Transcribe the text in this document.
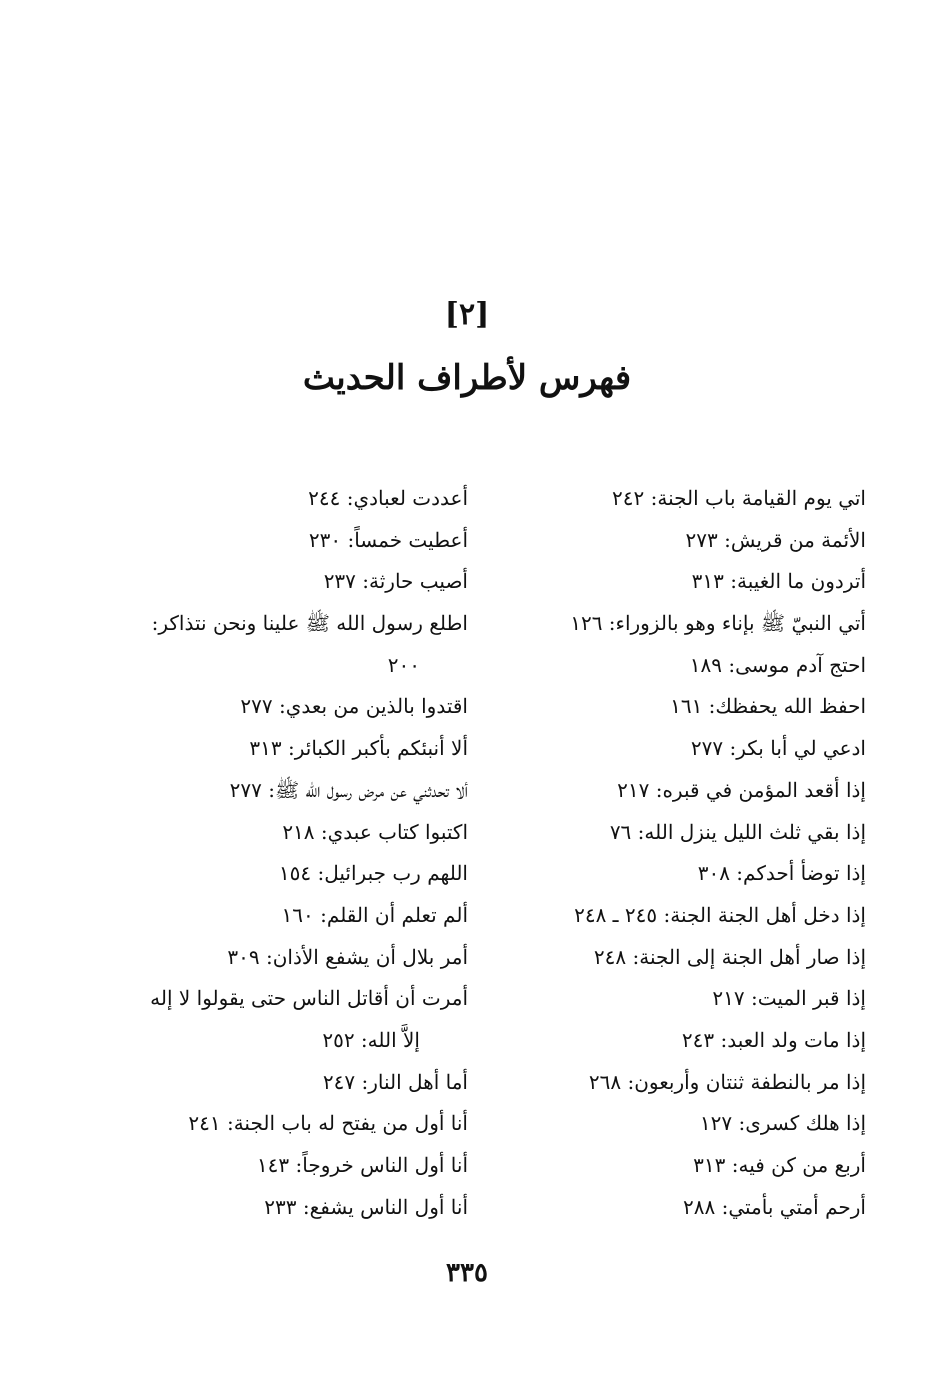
[٢]
فهرس لأطراف الحديث
اتي يوم القيامة باب الجنة: ٢٤٢
الأئمة من قريش: ٢٧٣
أتردون ما الغيبة: ٣١٣
أتي النبيّ ﷺ بإناء وهو بالزوراء: ١٢٦
احتج آدم موسى: ١٨٩
احفظ الله يحفظك: ١٦١
ادعي لي أبا بكر: ٢٧٧
إذا أقعد المؤمن في قبره: ٢١٧
إذا بقي ثلث الليل ينزل الله: ٧٦
إذا توضأ أحدكم: ٣٠٨
إذا دخل أهل الجنة الجنة: ٢٤٥ ـ ٢٤٨
إذا صار أهل الجنة إلى الجنة: ٢٤٨
إذا قبر الميت: ٢١٧
إذا مات ولد العبد: ٢٤٣
إذا مر بالنطفة ثنتان وأربعون: ٢٦٨
إذا هلك كسرى: ١٢٧
أربع من كن فيه: ٣١٣
أرحم أمتي بأمتي: ٢٨٨
أعددت لعبادي: ٢٤٤
أعطيت خمساً: ٢٣٠
أصيب حارثة: ٢٣٧
اطلع رسول الله ﷺ علينا ونحن نتذاكر:
٢٠٠
اقتدوا بالذين من بعدي: ٢٧٧
ألا أنبئكم بأكبر الكبائر: ٣١٣
ألا تحدثني عن مرض رسول الله ﷺ: ٢٧٧
اكتبوا كتاب عبدي: ٢١٨
اللهم رب جبرائيل: ١٥٤
ألم تعلم أن القلم: ١٦٠
أمر بلال أن يشفع الأذان: ٣٠٩
أمرت أن أقاتل الناس حتى يقولوا لا إله
إلاَّ الله: ٢٥٢
أما أهل النار: ٢٤٧
أنا أول من يفتح له باب الجنة: ٢٤١
أنا أول الناس خروجاً: ١٤٣
أنا أول الناس يشفع: ٢٣٣
٣٣٥
